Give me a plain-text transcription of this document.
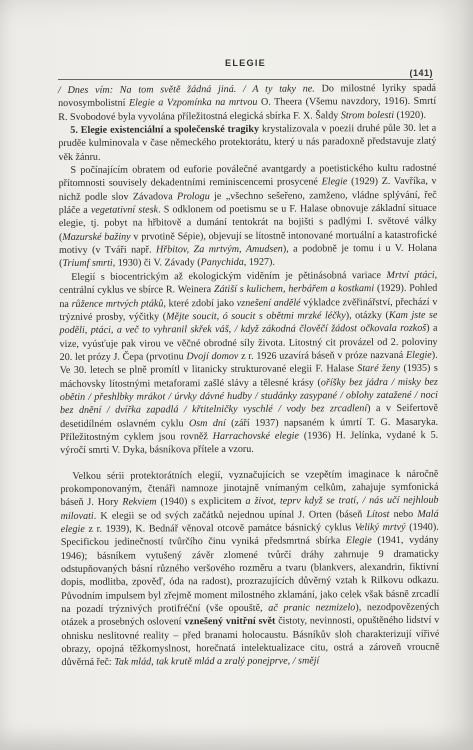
ELEGIE
(141)

/ Dnes vím: Na tom světě žádná jiná. / A ty taky ne. Do milostné lyriky spadá novosymbolistní Elegie a Vzpomínka na mrtvou O. Theera (Všemu navzdory, 1916). Smrtí R. Svobodové byla vyvolána příležitostná elegická sbírka F. X. Šaldy Strom bolesti (1920).

5. Elegie existenciální a společenské tragiky krystalizovala v poezii druhé půle 30. let a pruděe kulminovala v čase německého protektorátu, který u nás paradoxně představuje zlatý věk žánru.

S počínajícím obratem od euforie poválečné avantgardy a poetistického kultu radostné přítomnosti souvisely dekadentními reminiscencemi prosycené Elegie (1929) Z. Vavříka, v nichž podle slov Závadova Prologu je „všechno sešeřeno, zamženo, vládne splývání, řeč pláče a vegetativní stesk. S odklonem od poetismu se u F. Halase obnovuje základní situace elegie, tj. pobyt na hřbitově a dumání tentokrát na bojišti s padlými I. světové války (Mazurské bažiny v prvotině Sépie), objevují se lítostně intonované mortuální a katastrofické motivy (v Tváři např. Hřbitov, Za mrtvým, Amudsen), a podobně je tomu i u V. Holana (Triumf smrti, 1930) či V. Závady (Panychida, 1927).

Elegií s biocentrickým až ekologickým viděním je pětinásobná variace Mrtví ptáci, centrální cyklus ve sbírce R. Weinera Zátiší s kulichem, herbářem a kostkami (1929). Pohled na růžence mrtvých ptáků, které zdobí jako vznešení andělé výkladce zvěřinářství, přechází v trýznivé prosby, výčitky (Mějte soucit, ó soucit s obětmi mrzké léčky), otázky (Kam jste se poděli, ptáci, a več to vyhranil skřek váš, / když zákodná člověčí žádost očkovala rozkoš) a vize, vyúsťuje pak virou ve věčné obrodné síly života. Litostný cit provázel od 2. poloviny 20. let prózy J. Čepa (prvotinu Dvojí domov z r. 1926 uzavírá báseň v próze nazvaná Elegie). Ve 30. letech se plně promítl v litanicky strukturované elegii F. Halase Staré ženy (1935) s máchovsky lítostnými metaforami zašlé slávy a tělesné krásy (oříšky bez jádra / misky bez obětin / přeshlbky mrákot / úrvky dávné hudby / studánky zasypané / oblohy zatažené / noci bez dnění / dvířka zapadlá / křtitelničky vyschlé / vody bez zrcadlení) a v Seifertově desetidílném oslavném cyklu Osm dní (září 1937) napsaném k úmrtí T. G. Masaryka. Příležitostným cyklem jsou rovněž Harrachovské elegie (1936) H. Jelínka, vydané k 5. výročí smrti V. Dyka, básníkova přítele a vzoru.

Velkou sérii protektorátních elegií, vyznačujících se vzepětím imaginace k náročně prokomponovaným, čtenáři namnoze jinotajně vnímaným celkům, zahajuje symfonická báseň J. Hory Rekviem (1940) s explicitem a život, teprv když se tratí, / nás učí nejhloub milovati. K elegii se od svých začátků nejednou upínal J. Orten (báseň Lítost nebo Malá elegie z r. 1939), K. Bednář věnoval otcově památce básnický cyklus Veliký mrtvý (1940). Specifickou jedinečností tvůrčího činu vyniká předsmrtná sbírka Elegie (1941, vydány 1946); básníkem vytušený závěr zlomené tvůrčí dráhy zahrnuje 9 dramaticky odstupňovaných básní různého veršového rozměru a tvaru (blankvers, alexandrin, fiktivní dopis, modlitba, zpověď, óda na radost), prozrazujících důvěrný vztah k Rilkovu odkazu. Původním impulsem byl zřejmě moment milostného zklamání, jako celek však básně zrcadlí na pozadí trýznivých protifréční (vše opouště, ač pranic nezmizelo), nezodpovězených otázek a prosebných oslovení vznešený vnitřní svět čistoty, nevinnosti, opuštěného lidství v ohnisku neslitovné reality – před branami holocaustu. Básníkův sloh charakterizují vířivé obrazy, opojná těžkomyslnost, horečnatá intelektualizace citu, ostrá a zároveň vroucně důvěrná řeč: Tak mlád, tak krutě mlád a zralý ponejprve, / smějí
